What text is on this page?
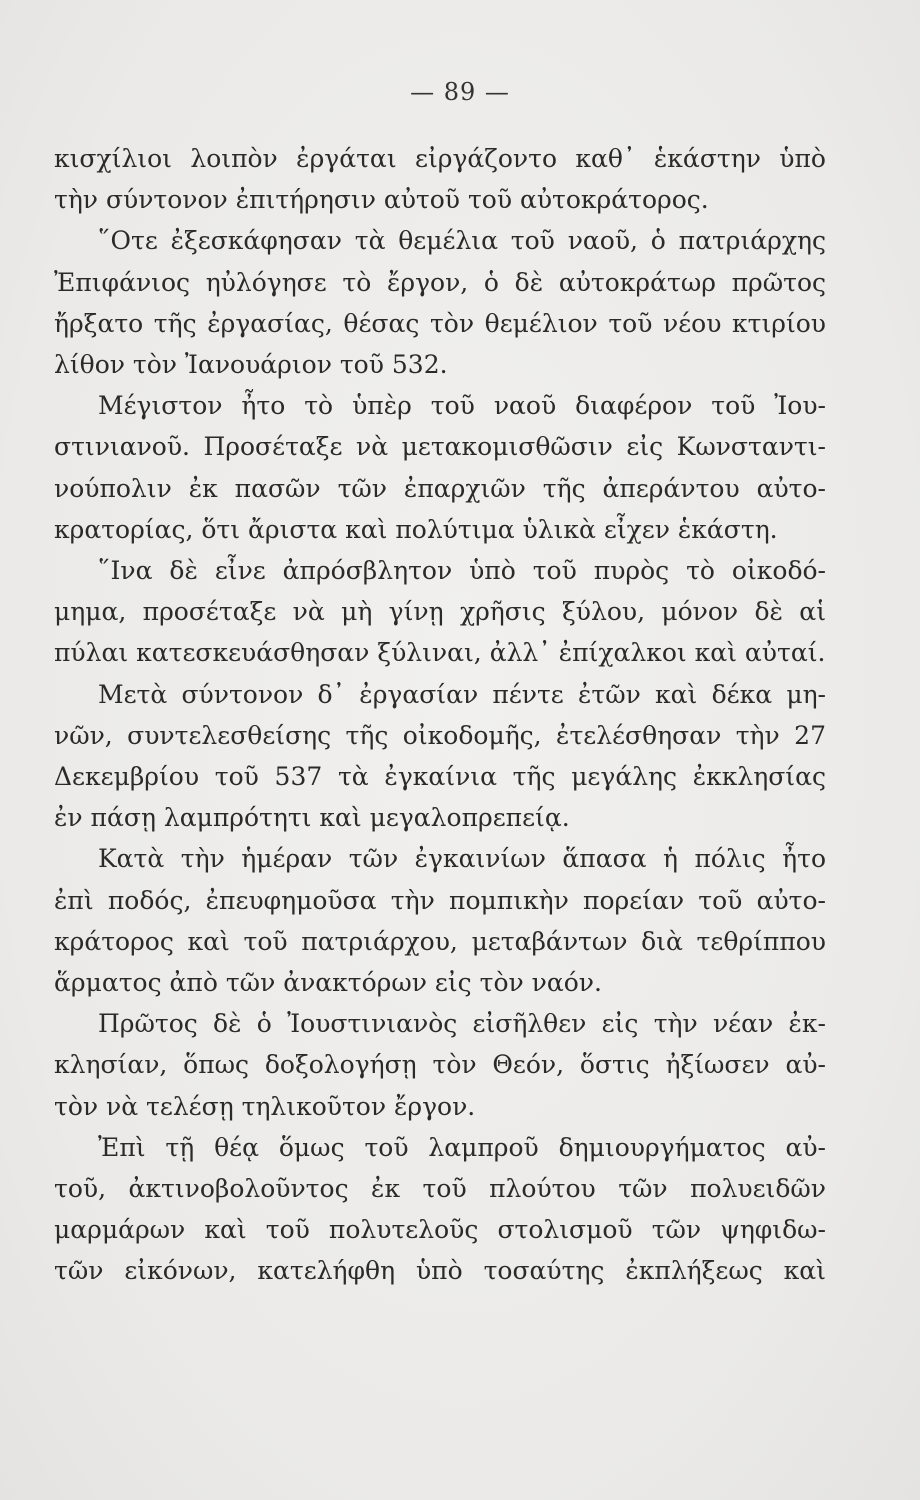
— 89 —

κισχίλιοι λοιπὸν ἐργάται εἰργάζοντο καθ᾽ ἑκάστην ὑπὸ
τὴν σύντονον ἐπιτήρησιν αὐτοῦ τοῦ αὐτοκράτορος.

῞Οτε ἐξεσκάφησαν τὰ θεμέλια τοῦ ναοῦ, ὁ πατριάρχης
Ἐπιφάνιος ηὐλόγησε τὸ ἔργον, ὁ δὲ αὐτοκράτωρ πρῶτος
ἤρξατο τῆς ἐργασίας, θέσας τὸν θεμέλιον τοῦ νέου κτιρίου
λίθον τὸν Ἰανουάριον τοῦ 532.

Μέγιστον ἦτο τὸ ὑπὲρ τοῦ ναοῦ διαφέρον τοῦ Ἰου-
στινιανοῦ. Προσέταξε νὰ μετακομισθῶσιν εἰς Κωνσταντι-
νούπολιν ἐκ πασῶν τῶν ἐπαρχιῶν τῆς ἀπεράντου αὐτο-
κρατορίας, ὅτι ἄριστα καὶ πολύτιμα ὑλικὰ εἶχεν ἑκάστη.

῞Ινα δὲ εἶνε ἀπρόσβλητον ὑπὸ τοῦ πυρὸς τὸ οἰκοδό-
μημα, προσέταξε νὰ μὴ γίνῃ χρῆσις ξύλου, μόνον δὲ αἱ
πύλαι κατεσκευάσθησαν ξύλιναι, ἀλλ᾽ ἐπίχαλκοι καὶ αὐταί.

Μετὰ σύντονον δ᾽ ἐργασίαν πέντε ἐτῶν καὶ δέκα μη-
νῶν, συντελεσθείσης τῆς οἰκοδομῆς, ἐτελέσθησαν τὴν 27
Δεκεμβρίου τοῦ 537 τὰ ἐγκαίνια τῆς μεγάλης ἐκκλησίας
ἐν πάσῃ λαμπρότητι καὶ μεγαλοπρεπείᾳ.

Κατὰ τὴν ἡμέραν τῶν ἐγκαινίων ἅπασα ἡ πόλις ἦτο
ἐπὶ ποδός, ἐπευφημοῦσα τὴν πομπικὴν πορείαν τοῦ αὐτο-
κράτορος καὶ τοῦ πατριάρχου, μεταβάντων διὰ τεθρίππου
ἅρματος ἀπὸ τῶν ἀνακτόρων εἰς τὸν ναόν.

Πρῶτος δὲ ὁ Ἰουστινιανὸς εἰσῆλθεν εἰς τὴν νέαν ἐκ-
κλησίαν, ὅπως δοξολογήσῃ τὸν Θεόν, ὅστις ἠξίωσεν αὐ-
τὸν νὰ τελέσῃ τηλικοῦτον ἔργον.

Ἐπὶ τῇ θέᾳ ὅμως τοῦ λαμπροῦ δημιουργήματος αὐ-
τοῦ, ἀκτινοβολοῦντος ἐκ τοῦ πλούτου τῶν πολυειδῶν
μαρμάρων καὶ τοῦ πολυτελοῦς στολισμοῦ τῶν ψηφιδω-
τῶν εἰκόνων, κατελήφθη ὑπὸ τοσαύτης ἐκπλήξεως καὶ
